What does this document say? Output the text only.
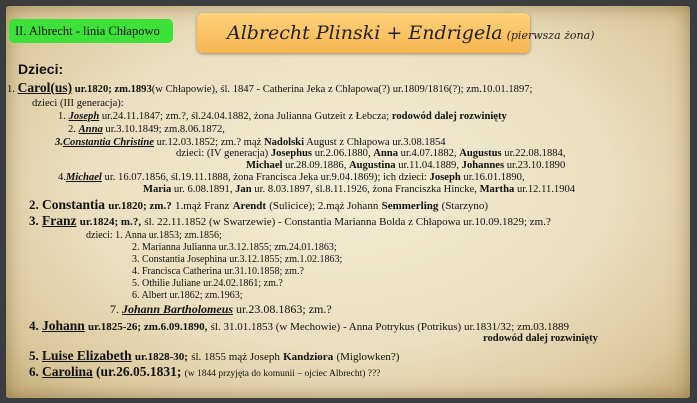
II. Albrecht - linia Chłapowo	Albrecht Plinski + Endrigela (pierwsza żona)
Dzieci:
1. Carol(us) ur.1820; zm.1893(w Chłapowie), śl. 1847 - Catherina Jeka z Chłapowa(?) ur.1809/1816(?); zm.10.01.1897;
dzieci (III generacja):
1. Joseph ur.24.11.1847; zm.?, śl.24.04.1882, żona Julianna Gutzeit z Łebcza; rodowód dalej rozwinięty
2. Anna ur.3.10.1849; zm.8.06.1872,
3.Constantia Christine ur.12.03.1852; zm.? mąż Nadolski August z Chłapowa ur.3.08.1854
dzieci: (IV generacja) Josephus ur.2.06.1880, Anna ur.4.07.1882, Augustus ur.22.08.1884,
Michael ur.28.09.1886, Augustina ur.11.04.1889, Johannes ur.23.10.1890
4.Michael ur. 16.07.1856, śl.19.11.1888, żona Francisca Jeka ur.9.04.1869); ich dzieci: Joseph ur.16.01.1890,
Maria ur. 6.08.1891, Jan ur. 8.03.1897, śl.8.11.1926, żona Franciszka Hincke, Martha ur.12.11.1904
2. Constantia ur.1820; zm.? 1.mąż Franz Arendt (Sulicice); 2.mąż Johann Semmerling (Starzyno)
3. Franz ur.1824; m.?, śl. 22.11.1852 (w Swarzewie) - Constantia Marianna Bolda z Chłapowa ur.10.09.1829; zm.?
dzieci: 1. Anna ur.1853; zm.1856;
2. Marianna Julianna ur.3.12.1855; zm.24.01.1863;
3. Constantia Josephina ur.3.12.1855; zm.1.02.1863;
4. Francisca Catherina ur.31.10.1858; zm.?
5. Othilie Juliane ur.24.02.1861; zm.?
6. Albert ur.1862; zm.1963;
7. Johann Bartholomeus ur.23.08.1863; zm.?
4. Johann ur.1825-26; zm.6.09.1890, śl. 31.01.1853 (w Mechowie) - Anna Potrykus (Potrikus) ur.1831/32; zm.03.1889
rodowód dalej rozwinięty
5. Luise Elizabeth ur.1828-30; śl. 1855 mąż Joseph Kandziora (Miglowken?)
6. Carolina (ur.26.05.1831; (w 1844 przyjęta do komunii – ojciec Albrecht) ???
